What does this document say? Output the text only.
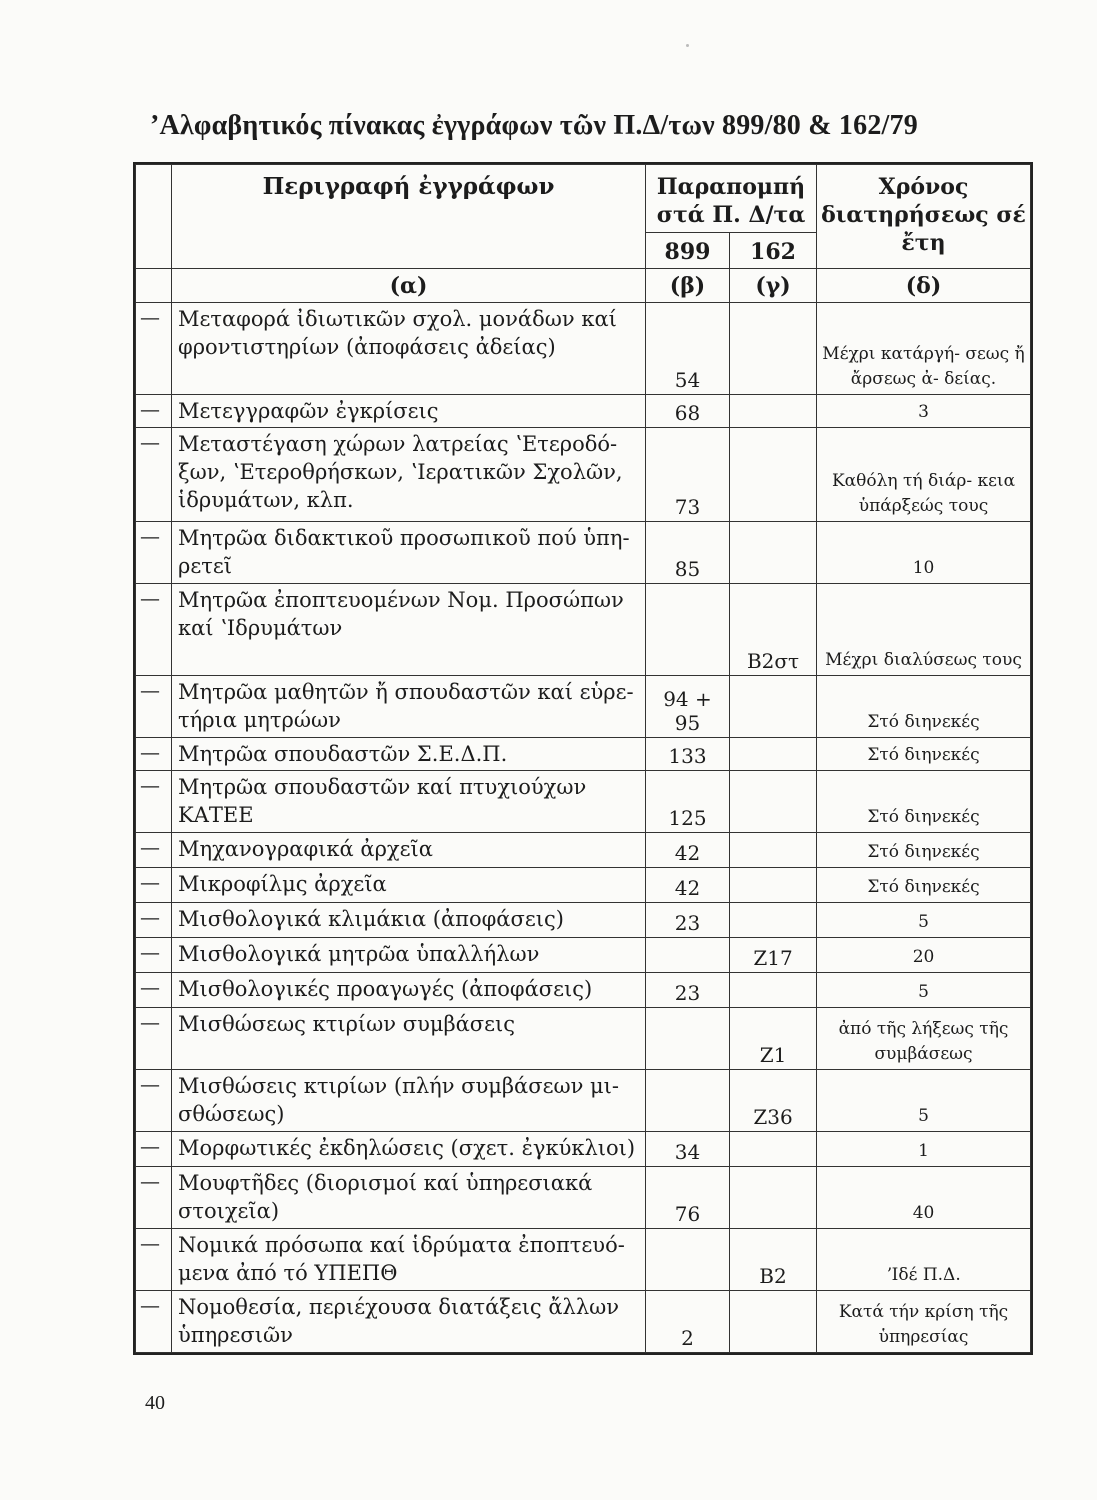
’Αλφαβητικός πίνακας ἐγγράφων τῶν Π.Δ/των 899/80 & 162/79
	Περιγραφή ἐγγράφων	Παραπομπή στά Π. Δ/τα		Χρόνος διατηρήσεως σέ ἔτη
		899	162	
	(α)	(β)	(γ)	(δ)
—	Μεταφορά ἰδιωτικῶν σχολ. μονάδων καί φροντιστηρίων (ἀποφάσεις ἀδείας)	54		Μέχρι κατάργή- σεως ἤ ἄρσεως ἀ- δείας.
—	Μετεγγραφῶν ἐγκρίσεις	68		3
—	Μεταστέγαση χώρων λατρείας ʽΕτεροδό- ξων, ʽΕτεροθρήσκων, ʽΙερατικῶν Σχολῶν, ἱδρυμάτων, κλπ.	73		Καθόλη τή διάρ- κεια ὑπάρξεώς τους
—	Μητρῶα διδακτικοῦ προσωπικοῦ πού ὑπη- ρετεῖ	85		10
—	Μητρῶα ἐποπτευομένων Νομ. Προσώπων καί ʽΙδρυμάτων		Β2στ	Μέχρι διαλύσεως τους
—	Μητρῶα μαθητῶν ἤ σπουδαστῶν καί εὑρε- τήρια μητρώων	94 + 95		Στό διηνεκές
—	Μητρῶα σπουδαστῶν Σ.Ε.Δ.Π.	133		Στό διηνεκές
—	Μητρῶα σπουδαστῶν καί πτυχιούχων ΚΑΤΕΕ	125		Στό διηνεκές
—	Μηχανογραφικά ἀρχεῖα	42		Στό διηνεκές
—	Μικροφίλμς ἀρχεῖα	42		Στό διηνεκές
—	Μισθολογικά κλιμάκια (ἀποφάσεις)	23		5
—	Μισθολογικά μητρῶα ὑπαλλήλων		Ζ17	20
—	Μισθολογικές προαγωγές (ἀποφάσεις)	23		5
—	Μισθώσεως κτιρίων συμβάσεις		Ζ1	ἀπό τῆς λήξεως τῆς συμβάσεως
—	Μισθώσεις κτιρίων (πλήν συμβάσεων μι- σθώσεως)		Ζ36	5
—	Μορφωτικές ἐκδηλώσεις (σχετ. ἐγκύκλιοι)	34		1
—	Μουφτῆδες (διορισμοί καί ὑπηρεσιακά στοιχεῖα)	76		40
—	Νομικά πρόσωπα καί ἱδρύματα ἐποπτευό- μενα ἀπό τό ΥΠΕΠΘ		Β2	ʼΙδέ Π.Δ.
—	Νομοθεσία, περιέχουσα διατάξεις ἄλλων ὑπηρεσιῶν	2		Κατά τήν κρίση τῆς ὑπηρεσίας
40
